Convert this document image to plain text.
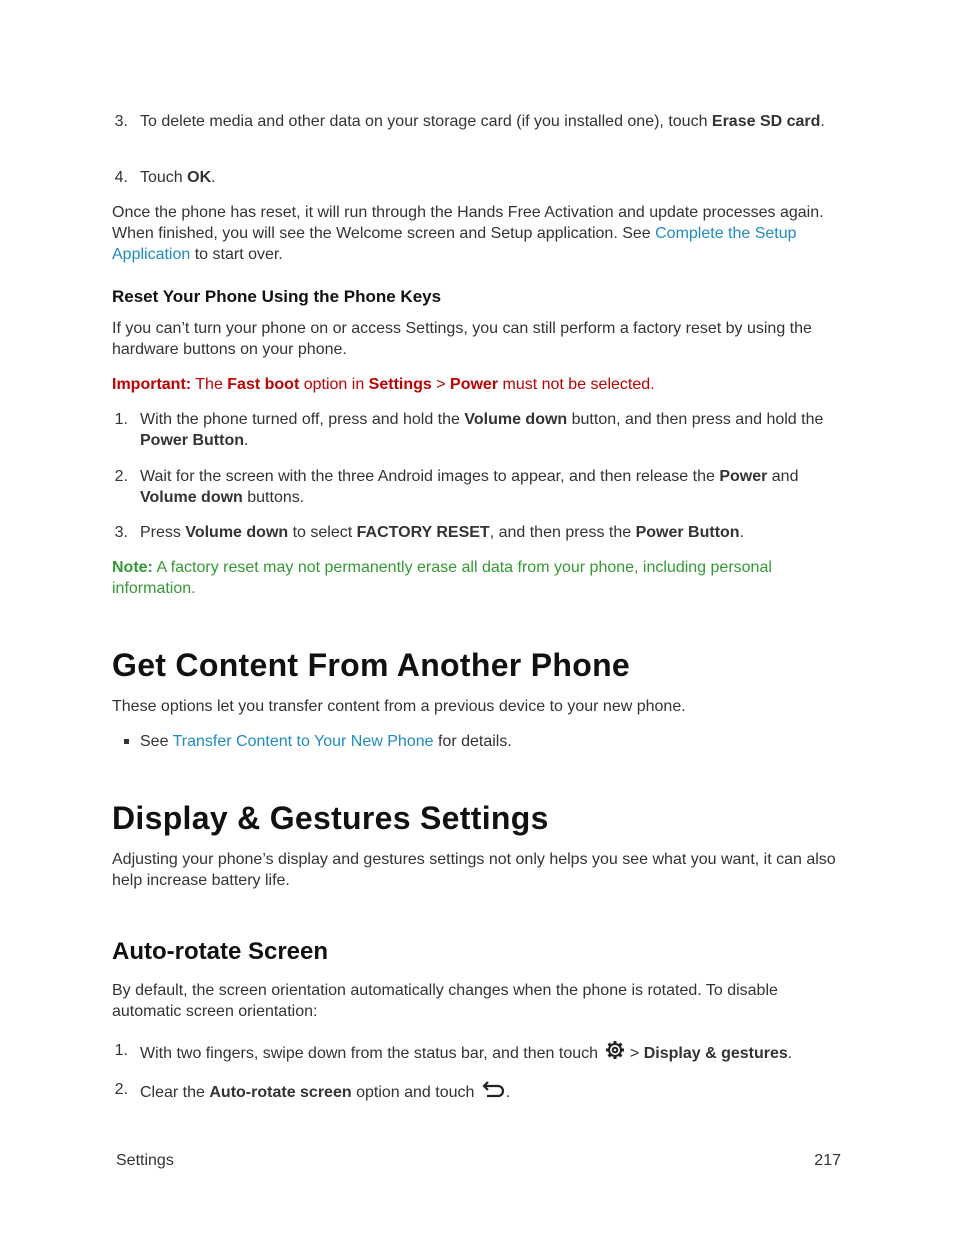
3. To delete media and other data on your storage card (if you installed one), touch Erase SD card.
4. Touch OK.

Once the phone has reset, it will run through the Hands Free Activation and update processes again. When finished, you will see the Welcome screen and Setup application. See Complete the Setup Application to start over.

Reset Your Phone Using the Phone Keys

If you can’t turn your phone on or access Settings, you can still perform a factory reset by using the hardware buttons on your phone.

Important: The Fast boot option in Settings > Power must not be selected.

1. With the phone turned off, press and hold the Volume down button, and then press and hold the Power Button.
2. Wait for the screen with the three Android images to appear, and then release the Power and Volume down buttons.
3. Press Volume down to select FACTORY RESET, and then press the Power Button.

Note: A factory reset may not permanently erase all data from your phone, including personal information.

Get Content From Another Phone

These options let you transfer content from a previous device to your new phone.

See Transfer Content to Your New Phone for details.
Display & Gestures Settings

Adjusting your phone’s display and gestures settings not only helps you see what you want, it can also help increase battery life.

Auto-rotate Screen

By default, the screen orientation automatically changes when the phone is rotated. To disable automatic screen orientation:

1. With two fingers, swipe down from the status bar, and then touch  > Display & gestures.
2. Clear the Auto-rotate screen option and touch .
Settings	217
